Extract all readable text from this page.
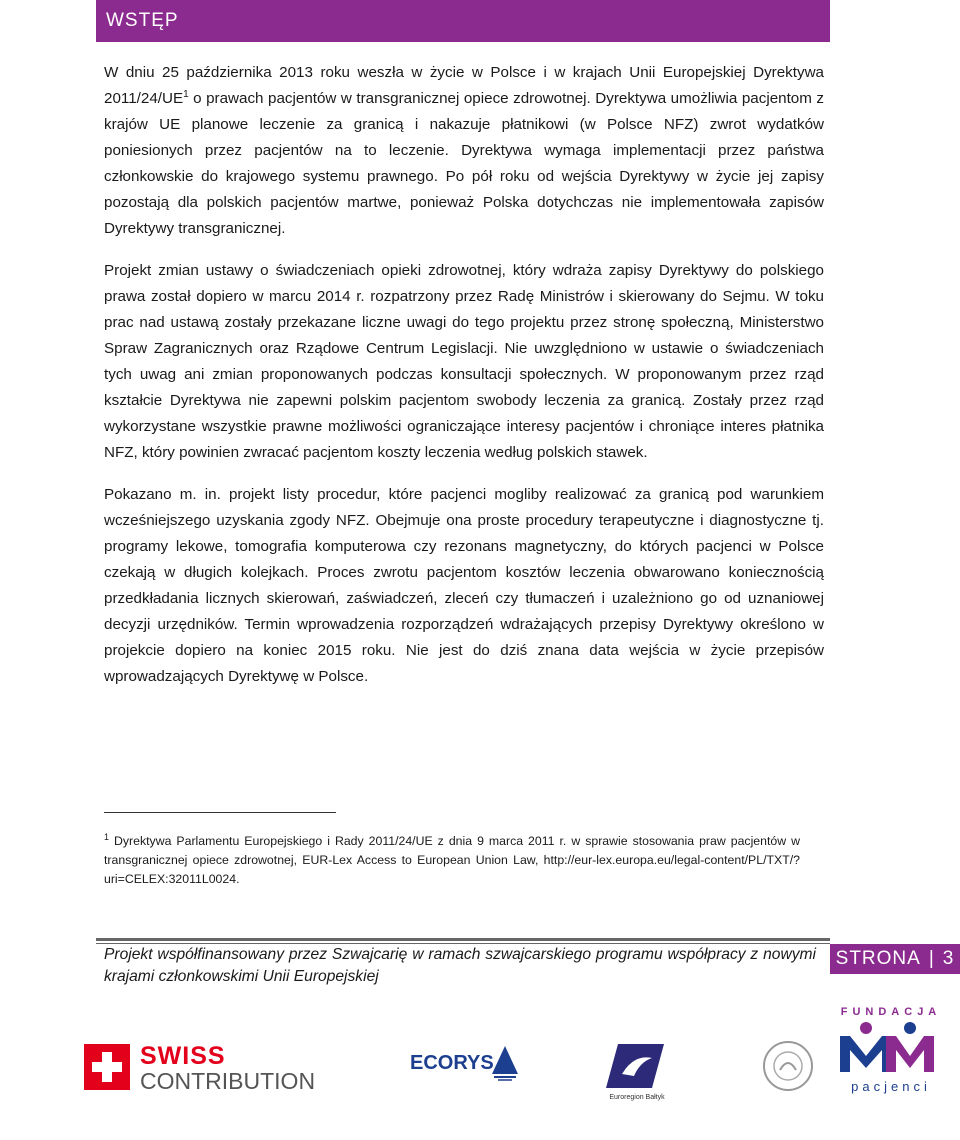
WSTĘP

W dniu 25 października 2013 roku weszła w życie w Polsce i w krajach Unii Europejskiej Dyrektywa $2011/24/UE^1$ o prawach pacjentów w transgranicznej opiece zdrowotnej. Dyrektywa umożliwia pacjentom z krajów UE planowe leczenie za granicą i nakazuje płatnikowi (w Polsce NFZ) zwrot wydatków poniesionych przez pacjentów na to leczenie. Dyrektywa wymaga implementacji przez państwa członkowskie do krajowego systemu prawnego. Po pół roku od wejścia Dyrektywy w życie jej zapisy pozostają dla polskich pacjentów martwe, ponieważ Polska dotychczas nie implementowała zapisów Dyrektywy transgranicznej.

Projekt zmian ustawy o świadczeniach opieki zdrowotnej, który wdraża zapisy Dyrektywy do polskiego prawa został dopiero w marcu 2014 r. rozpatrzony przez Radę Ministrów i skierowany do Sejmu. W toku prac nad ustawą zostały przekazane liczne uwagi do tego projektu przez stronę społeczną, Ministerstwo Spraw Zagranicznych oraz Rządowe Centrum Legislacji. Nie uwzględniono w ustawie o świadczeniach tych uwag ani zmian proponowanych podczas konsultacji społecznych. W proponowanym przez rząd kształcie Dyrektywa nie zapewni polskim pacjentom swobody leczenia za granicą. Zostały przez rząd wykorzystane wszystkie prawne możliwości ograniczające interesy pacjentów i chroniące interes płatnika NFZ, który powinien zwracać pacjentom koszty leczenia według polskich stawek.

Pokazano m. in. projekt listy procedur, które pacjenci mogliby realizować za granicą pod warunkiem wcześniejszego uzyskania zgody NFZ. Obejmuje ona proste procedury terapeutyczne i diagnostyczne tj. programy lekowe, tomografia komputerowa czy rezonans magnetyczny, do których pacjenci w Polsce czekają w długich kolejkach. Proces zwrotu pacjentom kosztów leczenia obwarowano koniecznością przedkładania licznych skierowań, zaświadczeń, zleceń czy tłumaczeń i uzależniono go od uznaniowej decyzji urzędników. Termin wprowadzenia rozporządzeń wdrażających przepisy Dyrektywy określono w projekcie dopiero na koniec 2015 roku. Nie jest do dziś znana data wejścia w życie przepisów wprowadzających Dyrektywę w Polsce.

$^1$ Dyrektywa Parlamentu Europejskiego i Rady 2011/24/UE z dnia 9 marca 2011 r. w sprawie stosowania praw pacjentów w transgranicznej opiece zdrowotnej, EUR-Lex Access to European Union Law, http://eur-lex.europa.eu/legal-content/PL/TXT/?uri=CELEX:32011L0024.
Projekt współfinansowany przez Szwajcarię w ramach szwajcarskiego programu współpracy z nowymi krajami członkowskimi Unii Europejskiej
STRONA | 3
SWISS
CONTRIBUTION
ECORYS
Euroregion Bałtyk
FUNDACJA
pacjenci
